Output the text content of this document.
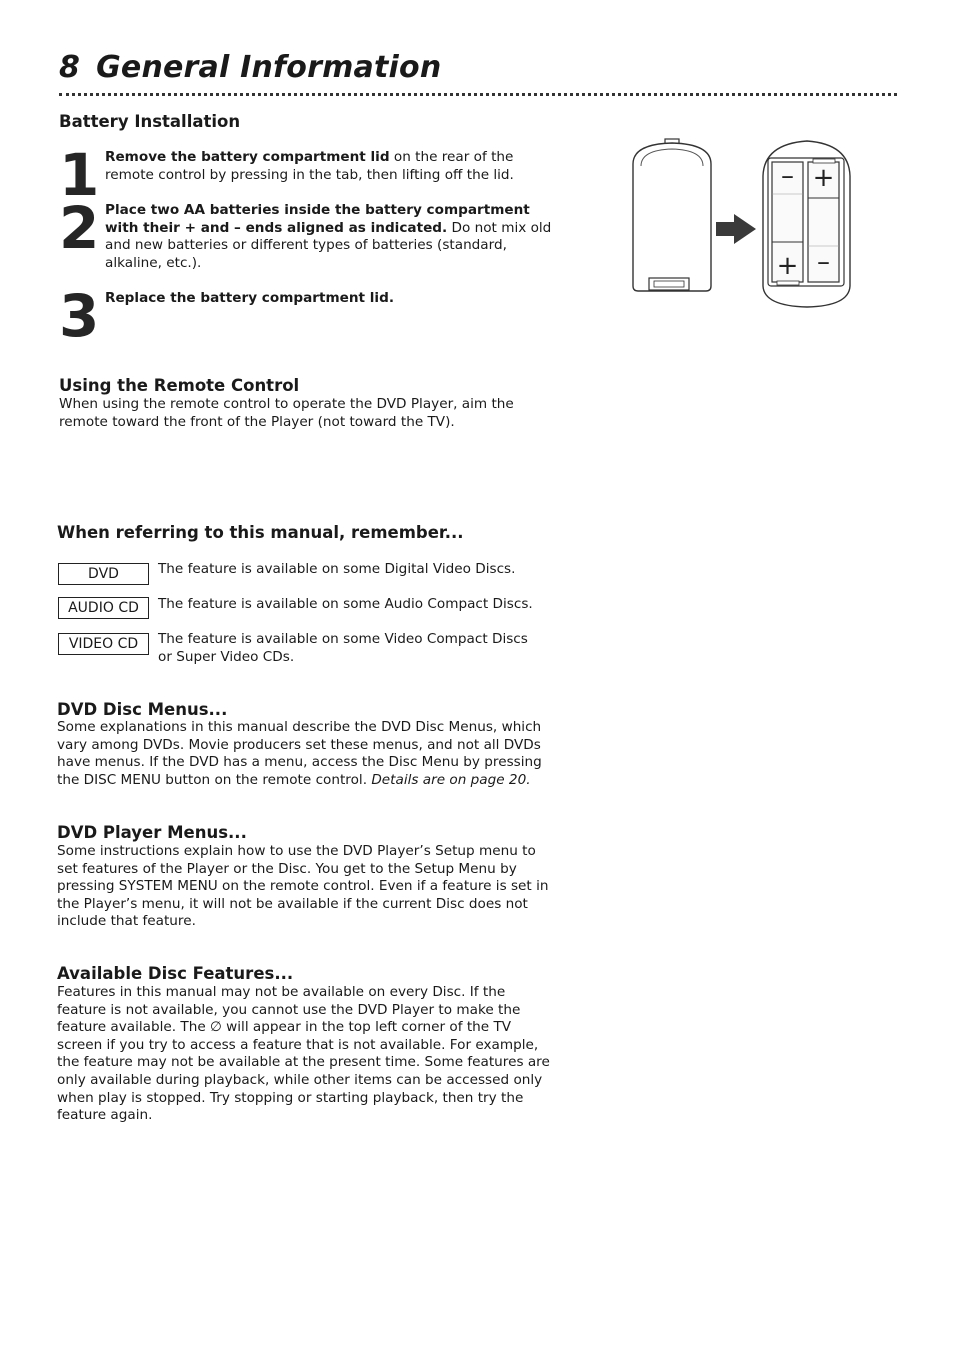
8 General Information
Battery Installation
1 Remove the battery compartment lid on the rear of the remote control by pressing in the tab, then lifting off the lid.
2 Place two AA batteries inside the battery compartment with their + and – ends aligned as indicated. Do not mix old and new batteries or different types of batteries (standard, alkaline, etc.).
3 Replace the battery compartment lid.
– +
+ –
Using the Remote Control
When using the remote control to operate the DVD Player, aim the remote toward the front of the Player (not toward the TV).
When referring to this manual, remember...
DVD	The feature is available on some Digital Video Discs.
AUDIO CD	The feature is available on some Audio Compact Discs.
VIDEO CD	The feature is available on some Video Compact Discs or Super Video CDs.
DVD Disc Menus...
Some explanations in this manual describe the DVD Disc Menus, which vary among DVDs. Movie producers set these menus, and not all DVDs have menus. If the DVD has a menu, access the Disc Menu by pressing the DISC MENU button on the remote control. Details are on page 20.
DVD Player Menus...
Some instructions explain how to use the DVD Player’s Setup menu to set features of the Player or the Disc. You get to the Setup Menu by pressing SYSTEM MENU on the remote control. Even if a feature is set in the Player’s menu, it will not be available if the current Disc does not include that feature.
Available Disc Features...
Features in this manual may not be available on every Disc. If the feature is not available, you cannot use the DVD Player to make the feature available. The ∅ will appear in the top left corner of the TV screen if you try to access a feature that is not available. For example, the feature may not be available at the present time. Some features are only available during playback, while other items can be accessed only when play is stopped. Try stopping or starting playback, then try the feature again.
